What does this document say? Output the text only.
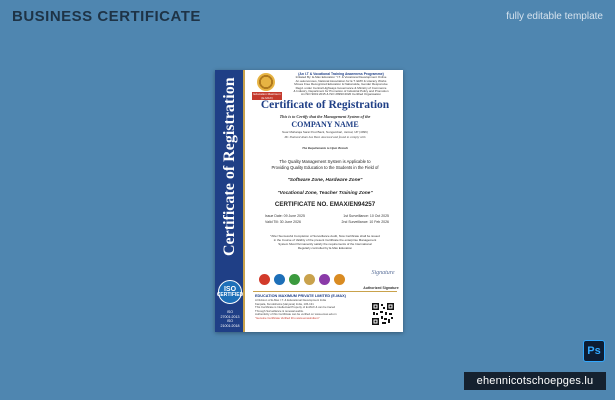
BUSINESS CERTIFICATE	fully editable template
Certificate of Registration
ISO
CERTIFIED
ISO 27001:2013
ISO 21001:2018
Education Maximum (E-MAX)
(An I.T & Vocational Training Awareness Programme)
Initiated By: E-Max Education "I.T. & Vocational Development Online
An autonomous, National Association for E.T. EMX & Literacy Works
Moves Free Recognized Education & Nationwide, Gender Responsive
Regd. under Central Highways Governance & Ministry of Commerce
& Industry, Department for Promotion of Industrial Policy and Promotion
An ISO 9001:2015 & ISO 29993:2020 Certified Organisation
Certificate of Registration
This is to Certify that the Management System of the
COMPANY NAME
Near Maharaja Sarai Post Back, Nungambari, Jaimal, UP (4996)
Mr. Shaheed Alam has Been Assessed and found to comply with
The Requirements to Open Branch
The Quality Management System is Applicable to
Providing Quality Education to the Students in the Field of
"Software Zone, Hardware Zone"
"Vocational Zone, Teacher Training Zone"
CERTIFICATE NO. EMAX/EN94257
Issue Date: 09 June 2025	1st Surveillance: 10 Oct 2025
Valid Till: 30 June 2026	2nd Surveillance: 10 Feb 2026
*After Successful Completion of Surveillance Audit, Now Certificate shall be issued
in the Course of Validity of the present Certificate the enterprise Management
System Must Permanently satisfy the requirements of the International
Regularly controlled by E-Max Education
Signature
Authorized Signature
EDUCATION MAXIMUM PRIVATE LIMITED (E-MAX)
A Division of E-Max I.T. & Educational Development India
Kanpala, Kurukshetra (Haryana) India, 136-131
This Certificate is Intellectual Property of E-MAX & can be traced
Through Surveillance & renewal audits.
Authenticity of this Certificate can be verified on www.emax.edu.in
"Genuine Certificate Verified thru www.emaxindia.in"
Ps
ehennicotschoepges.lu
